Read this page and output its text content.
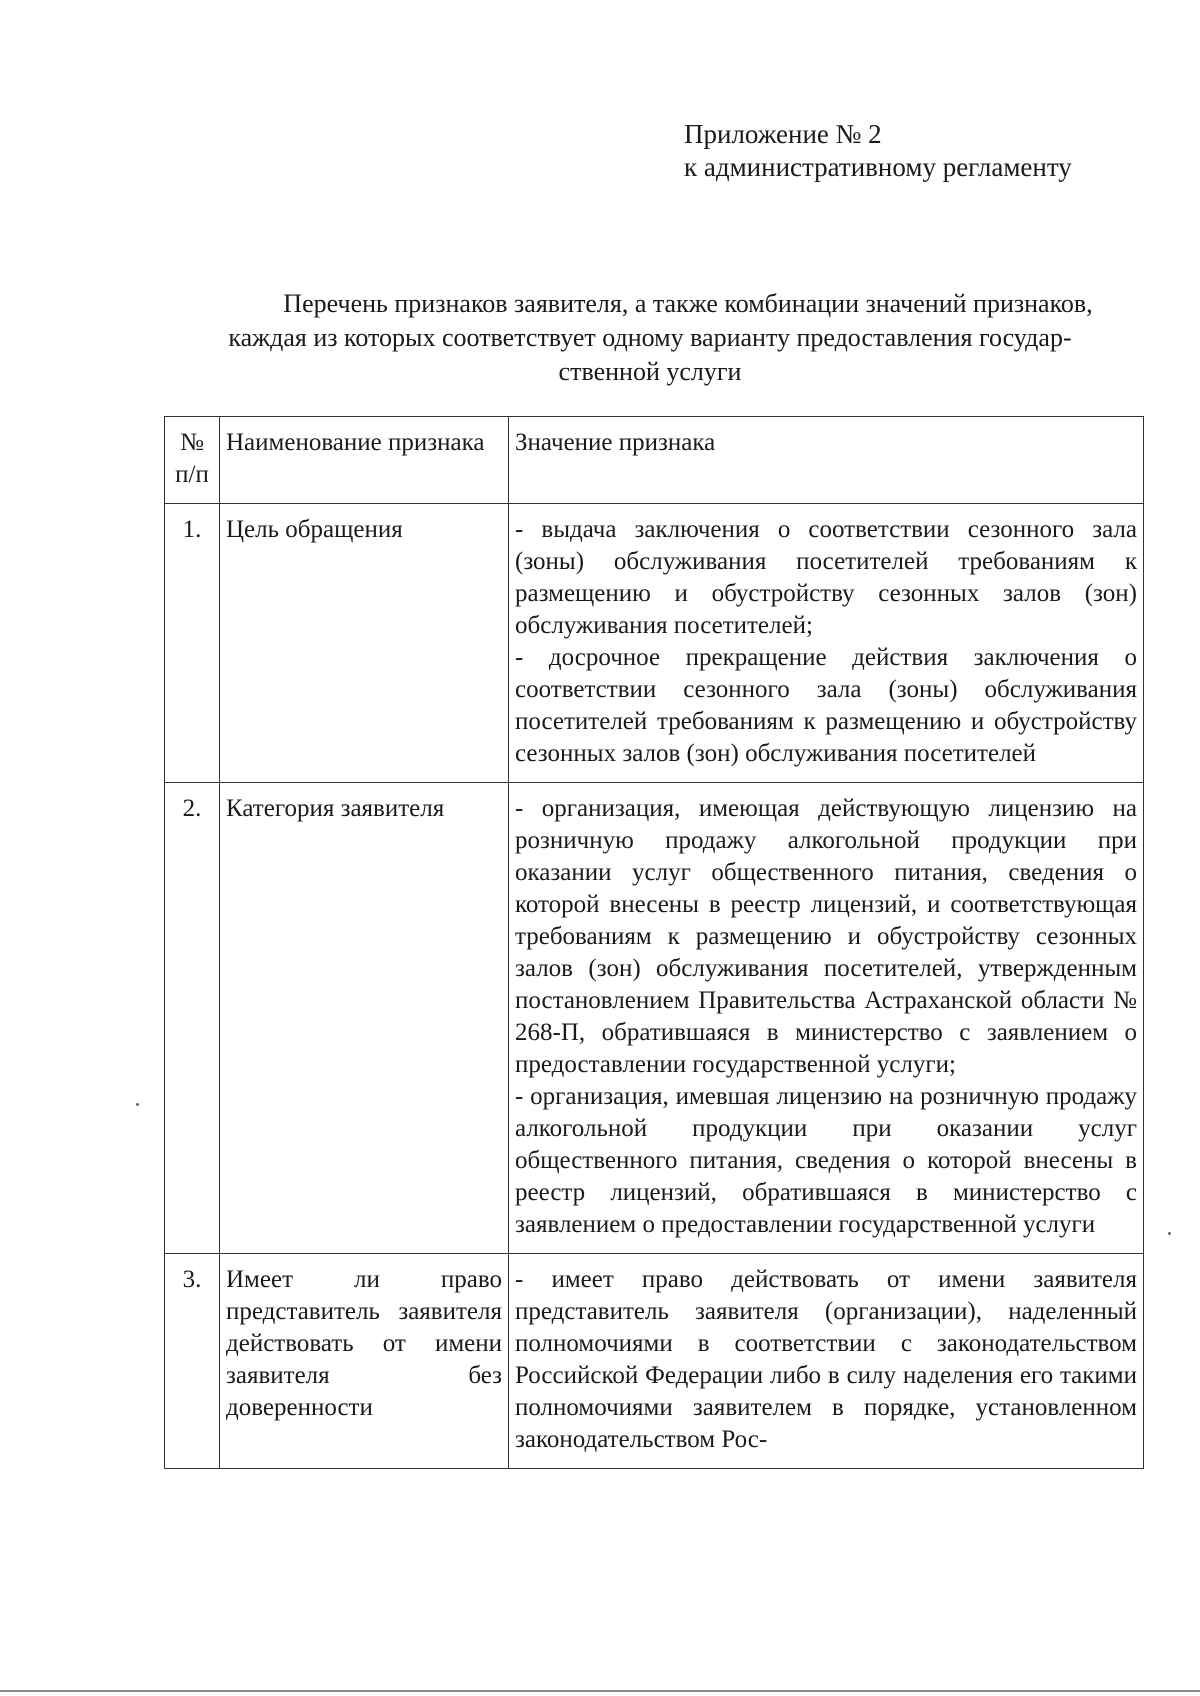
Приложение № 2
к административному регламенту
Перечень признаков заявителя, а также комбинации значений признаков,
каждая из которых соответствует одному варианту предоставления государ-
ственной услуги
№ п/п	Наименование признака	Значение признака
1.	Цель обращения	- выдача заключения о соответствии сезонного зала (зоны) обслуживания посетителей требованиям к размещению и обустройству сезонных залов (зон) обслуживания посетителей;

- досрочное прекращение действия заключения о соответствии сезонного зала (зоны) обслуживания посетителей требованиям к размещению и обустройству сезонных залов (зон) обслуживания посетителей

2.	Категория заявителя	- организация, имеющая действующую лицензию на розничную продажу алкогольной продукции при оказании услуг общественного питания, сведения о которой внесены в реестр лицензий, и соответствующая требованиям к размещению и обустройству сезонных залов (зон) обслуживания посетителей, утвержденным постановлением Правительства Астраханской области № 268-П, обратившаяся в министерство с заявлением о предоставлении государственной услуги;

- организация, имевшая лицензию на розничную продажу алкогольной продукции при оказании услуг общественного питания, сведения о которой внесены в реестр лицензий, обратившаяся в министерство с заявлением о предоставлении государственной услуги

3.	Имеет ли право представитель заявителя действовать от имени заявителя без доверенности	- имеет право действовать от имени заявителя представитель заявителя (организации), наделенный полномочиями в соответствии с законодательством Российской Федерации либо в силу наделения его такими полномочиями заявителем в порядке, установленном законодательством Рос-
